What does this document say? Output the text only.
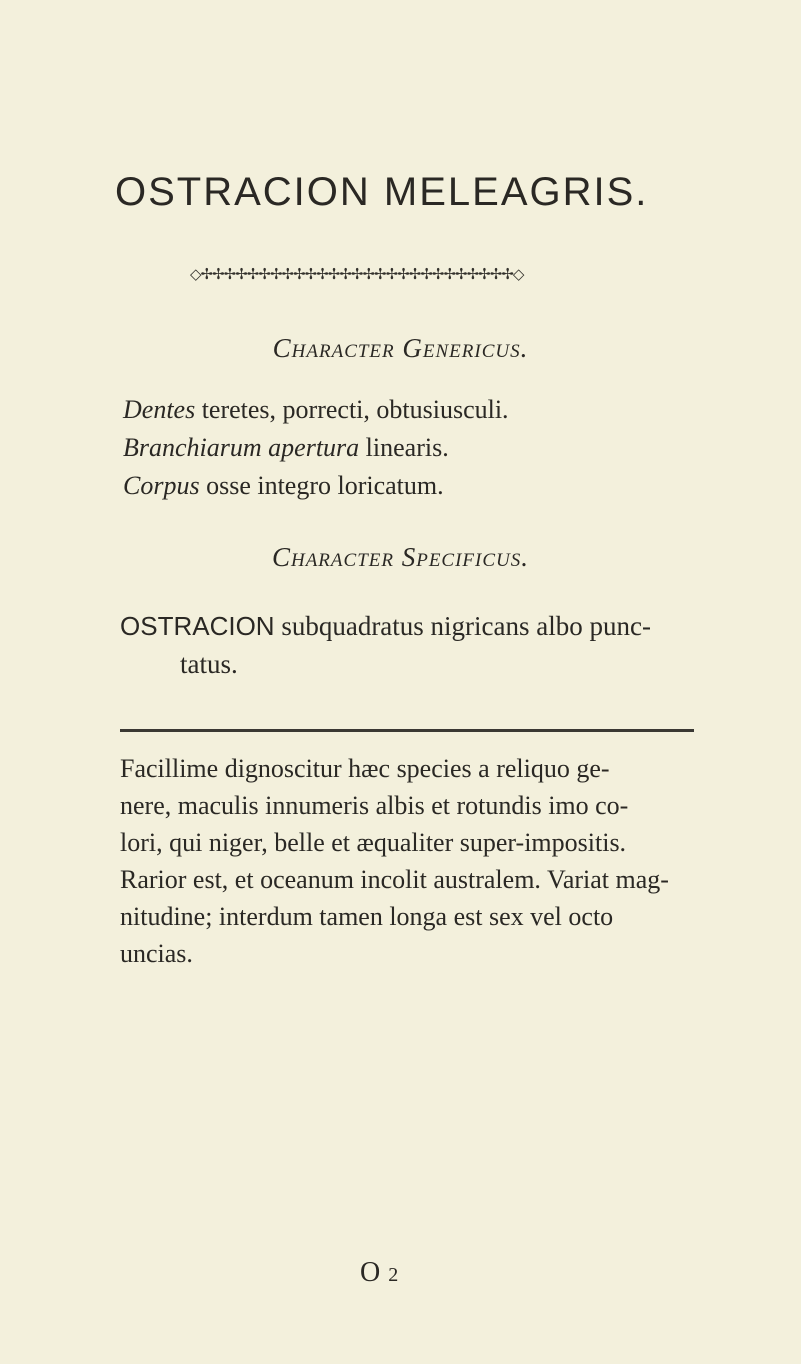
OSTRACION MELEAGRIS.
◇✢✢✢✢✢✢✢✢✢✢✢✢✢✢✢✢✢✢✢✢✢✢✢✢✢✢✢◇
Character Genericus.
Dentes teretes, porrecti, obtusiusculi.
Branchiarum apertura linearis.
Corpus osse integro loricatum.
Character Specificus.
OSTRACION subquadratus nigricans albo punc-
tatus.
Facillime dignoscitur hæc species a reliquo ge-
nere, maculis innumeris albis et rotundis imo co-
lori, qui niger, belle et æqualiter super-impositis.
Rarior est, et oceanum incolit australem. Variat mag-
nitudine; interdum tamen longa est sex vel octo
uncias.
O2
